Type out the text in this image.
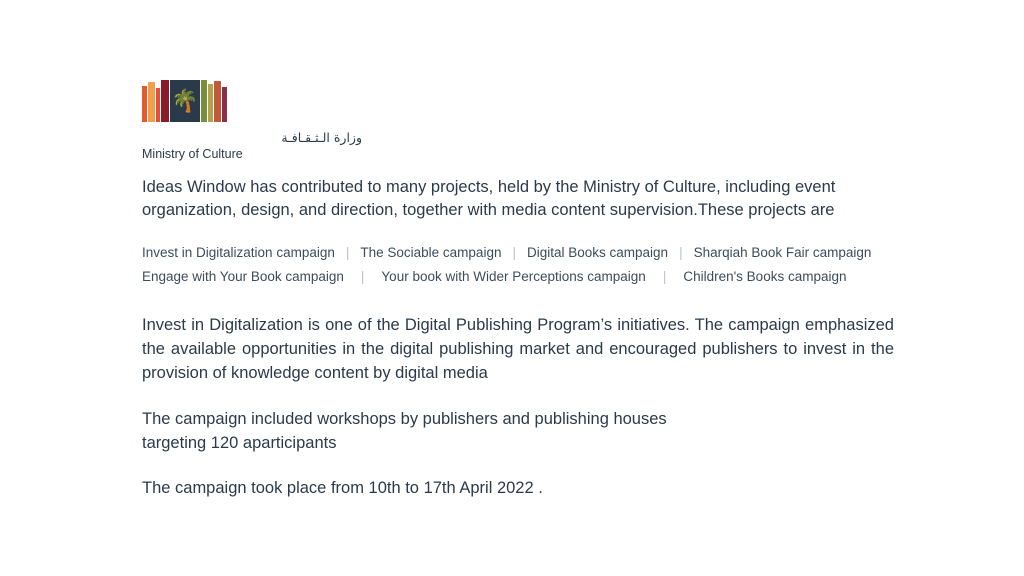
🌴
وزارة الـثـقـافـة
Ministry of Culture

Ideas Window has contributed to many projects, held by the Ministry of Culture, including event organization, design, and direction, together with media content supervision.These projects are

Invest in Digitalization campaign | The Sociable campaign | Digital Books campaign | Sharqiah Book Fair campaign
Engage with Your Book campaign | Your book with Wider Perceptions campaign | Children's Books campaign

Invest in Digitalization is one of the Digital Publishing Program’s initiatives. The campaign emphasized the available opportunities in the digital publishing market and encouraged publishers to invest in the provision of knowledge content by digital media

The campaign included workshops by publishers and publishing houses
targeting 120 aparticipants

The campaign took place from 10th to 17th April 2022 .
